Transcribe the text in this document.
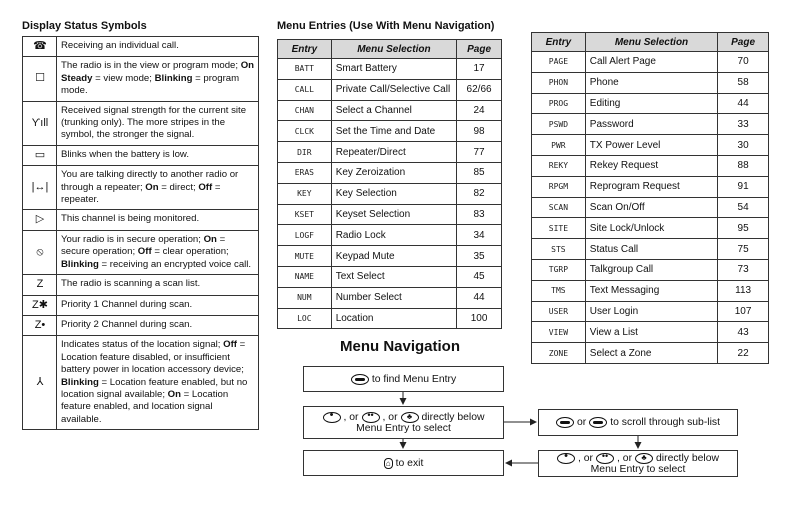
Display Status Symbols
☎	Receiving an individual call.
☐	The radio is in the view or program mode; On Steady = view mode; Blinking = program mode.
Ƴıll	Received signal strength for the current site (trunking only). The more stripes in the symbol, the stronger the signal.
▭	Blinks when the battery is low.
|↔|	You are talking directly to another radio or through a repeater; On = direct; Off = repeater.
▷	This channel is being monitored.
⦸	Your radio is in secure operation; On = secure operation; Off = clear operation; Blinking = receiving an encrypted voice call.
Z	The radio is scanning a scan list.
Z✱	Priority 1 Channel during scan.
Z•	Priority 2 Channel during scan.
⅄	Indicates status of the location signal; Off = Location feature disabled, or insufficient battery power in location accessory device; Blinking = Location feature enabled, but no location signal available; On = Location feature enabled, and location signal available.
Menu Entries (Use With Menu Navigation)
Entry	Menu Selection	Page
BATT	Smart Battery	17
CALL	Private Call/Selective Call	62/66
CHAN	Select a Channel	24
CLCK	Set the Time and Date	98
DIR	Repeater/Direct	77
ERAS	Key Zeroization	85
KEY	Key Selection	82
KSET	Keyset Selection	83
LOGF	Radio Lock	34
MUTE	Keypad Mute	35
NAME	Text Select	45
NUM	Number Select	44
LOC	Location	100
Entry	Menu Selection	Page
PAGE	Call Alert Page	70
PHON	Phone	58
PROG	Editing	44
PSWD	Password	33
PWR	TX Power Level	30
REKY	Rekey Request	88
RPGM	Reprogram Request	91
SCAN	Scan On/Off	54
SITE	Site Lock/Unlock	95
STS	Status Call	75
TGRP	Talkgroup Call	73
TMS	Text Messaging	113
USER	User Login	107
VIEW	View a List	43
ZONE	Select a Zone	22
Menu Navigation
to find Menu Entry
•
, or •• , or ♣ directly below
Menu Entry to select
⌂
to exit
or to scroll through sub-list
•
, or •• , or ♣ directly below
Menu Entry to select
